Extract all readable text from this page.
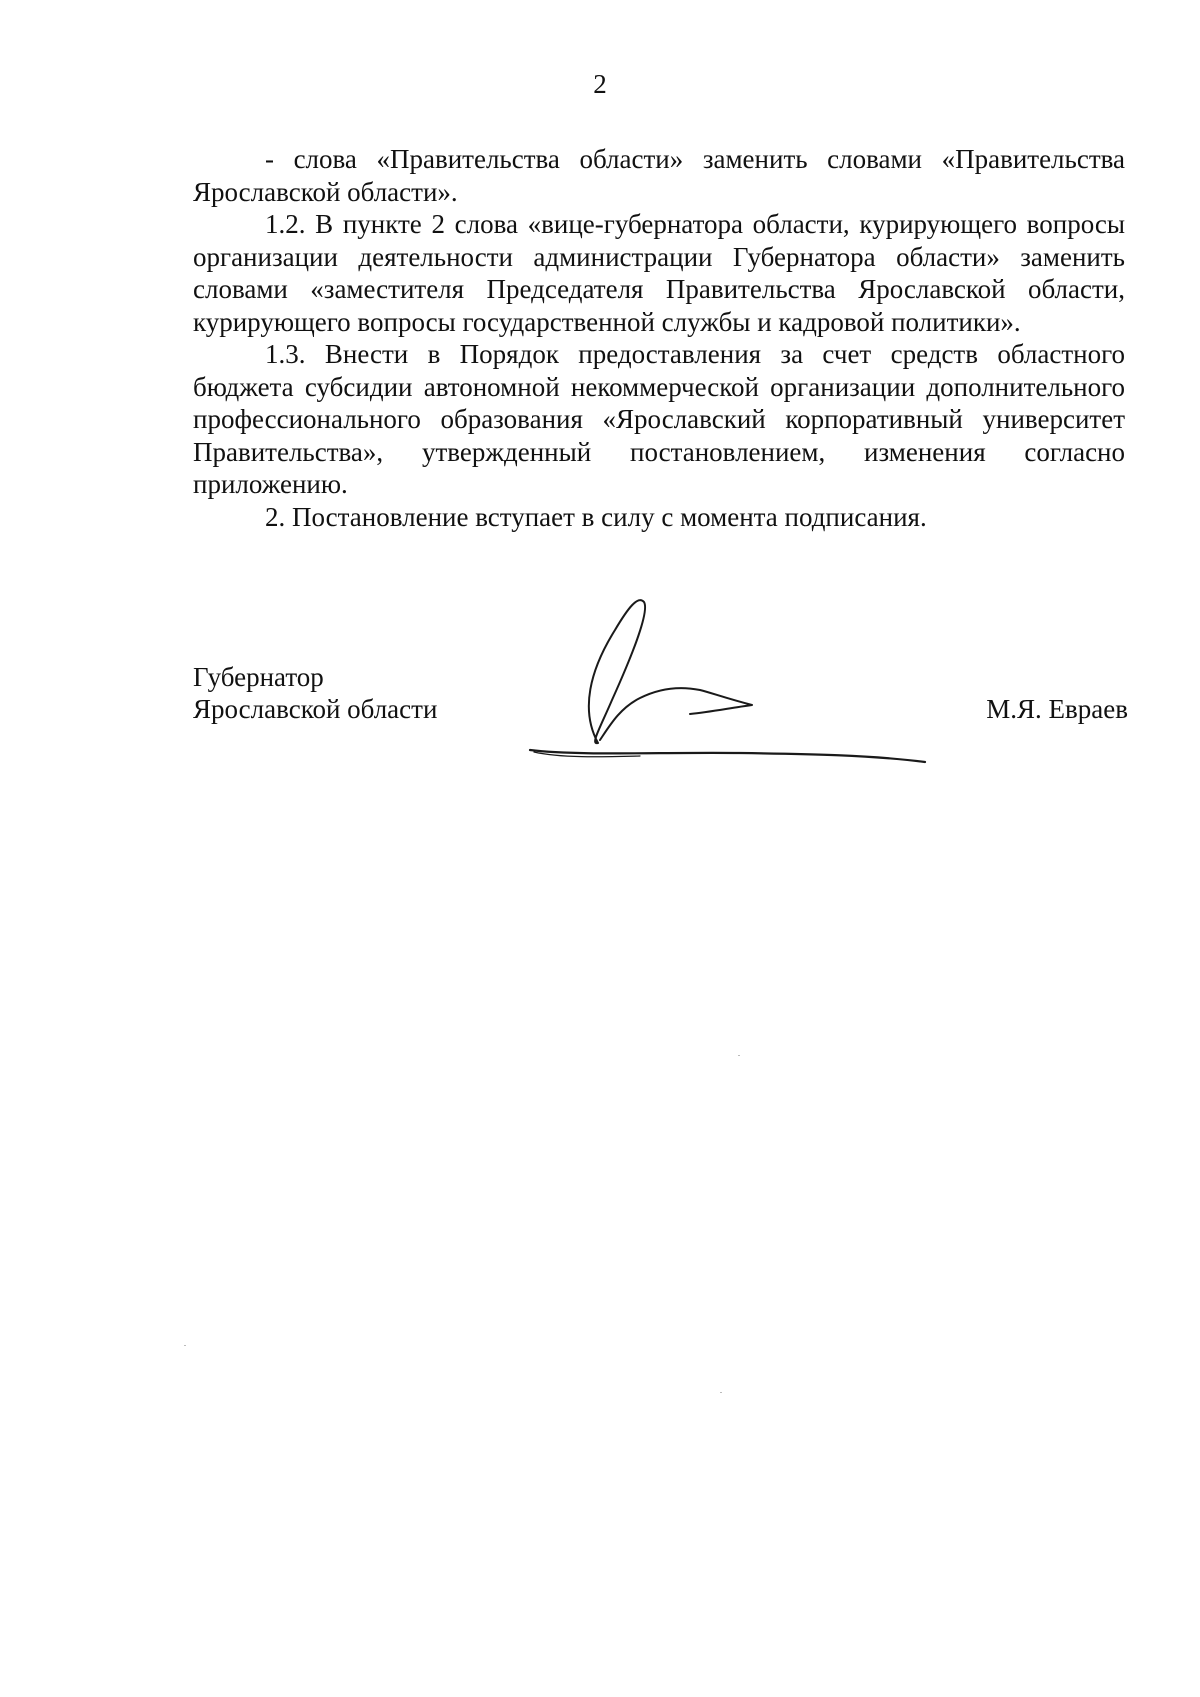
2

- слова «Правительства области» заменить словами «Правительства Ярославской области».

1.2. В пункте 2 слова «вице-губернатора области, курирующего вопросы организации деятельности администрации Губернатора области» заменить словами «заместителя Председателя Правительства Ярославской области, курирующего вопросы государственной службы и кадровой политики».

1.3. Внести в Порядок предоставления за счет средств областного бюджета субсидии автономной некоммерческой организации дополнительного профессионального образования «Ярославский корпоративный университет Правительства», утвержденный постановлением, изменения согласно приложению.

2. Постановление вступает в силу с момента подписания.

Губернатор
Ярославской области	М.Я. Евраев
